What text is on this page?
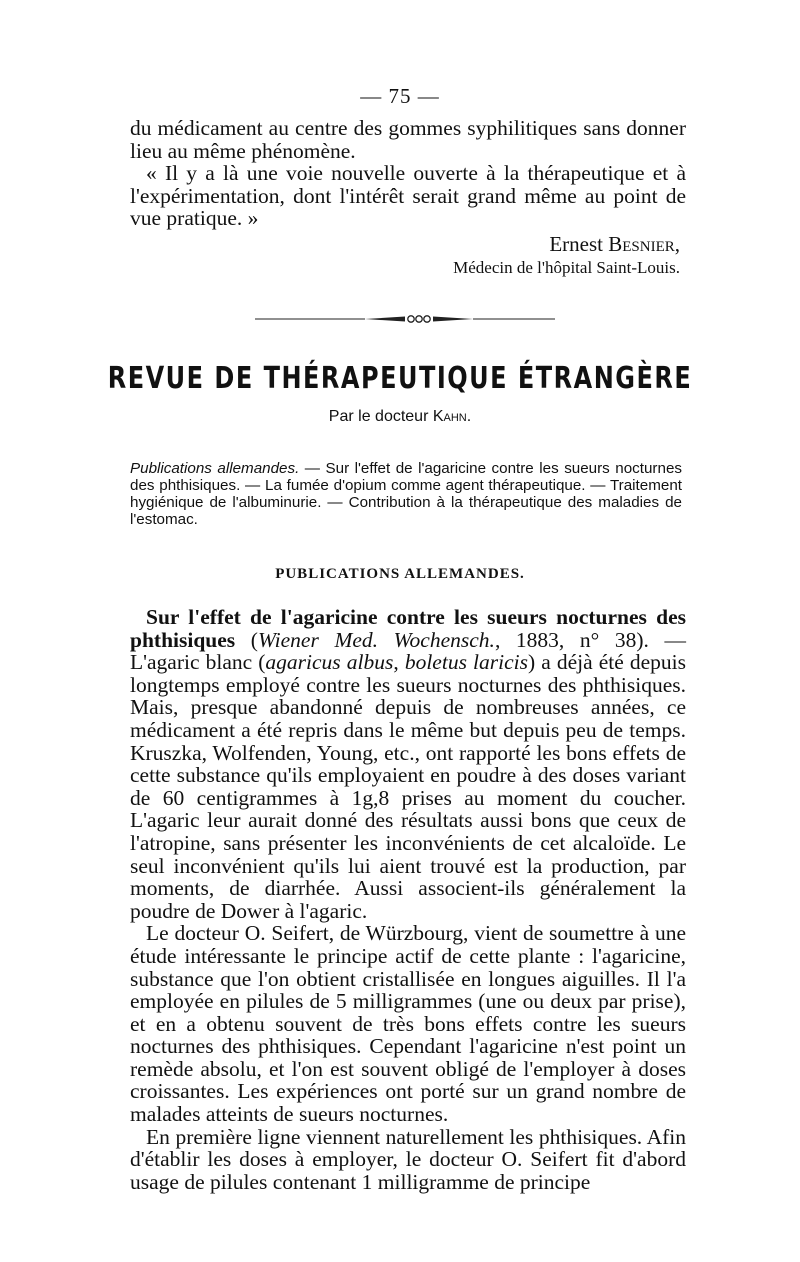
— 75 —

du médicament au centre des gommes syphilitiques sans donner lieu au même phénomène.

« Il y a là une voie nouvelle ouverte à la thérapeutique et à l'expérimentation, dont l'intérêt serait grand même au point de vue pratique. »

Ernest Besnier,
Médecin de l'hôpital Saint-Louis.
REVUE DE THÉRAPEUTIQUE ÉTRANGÈRE
Par le docteur Kahn.
Publications allemandes. — Sur l'effet de l'agaricine contre les sueurs nocturnes des phthisiques. — La fumée d'opium comme agent thérapeutique. — Traitement hygiénique de l'albuminurie. — Contribution à la thérapeutique des maladies de l'estomac.
PUBLICATIONS ALLEMANDES.

Sur l'effet de l'agaricine contre les sueurs nocturnes des phthisiques (Wiener Med. Wochensch., 1883, n° 38). — L'agaric blanc (agaricus albus, boletus laricis) a déjà été depuis longtemps employé contre les sueurs nocturnes des phthisiques. Mais, presque abandonné depuis de nombreuses années, ce médicament a été repris dans le même but depuis peu de temps. Kruszka, Wolfenden, Young, etc., ont rapporté les bons effets de cette substance qu'ils employaient en poudre à des doses variant de 60 centigrammes à 1g,8 prises au moment du coucher. L'agaric leur aurait donné des résultats aussi bons que ceux de l'atropine, sans présenter les inconvénients de cet alcaloïde. Le seul inconvénient qu'ils lui aient trouvé est la production, par moments, de diarrhée. Aussi associent-ils généralement la poudre de Dower à l'agaric.

Le docteur O. Seifert, de Würzbourg, vient de soumettre à une étude intéressante le principe actif de cette plante : l'agaricine, substance que l'on obtient cristallisée en longues aiguilles. Il l'a employée en pilules de 5 milligrammes (une ou deux par prise), et en a obtenu souvent de très bons effets contre les sueurs nocturnes des phthisiques. Cependant l'agaricine n'est point un remède absolu, et l'on est souvent obligé de l'employer à doses croissantes. Les expériences ont porté sur un grand nombre de malades atteints de sueurs nocturnes.

En première ligne viennent naturellement les phthisiques. Afin d'établir les doses à employer, le docteur O. Seifert fit d'abord usage de pilules contenant 1 milligramme de principe
